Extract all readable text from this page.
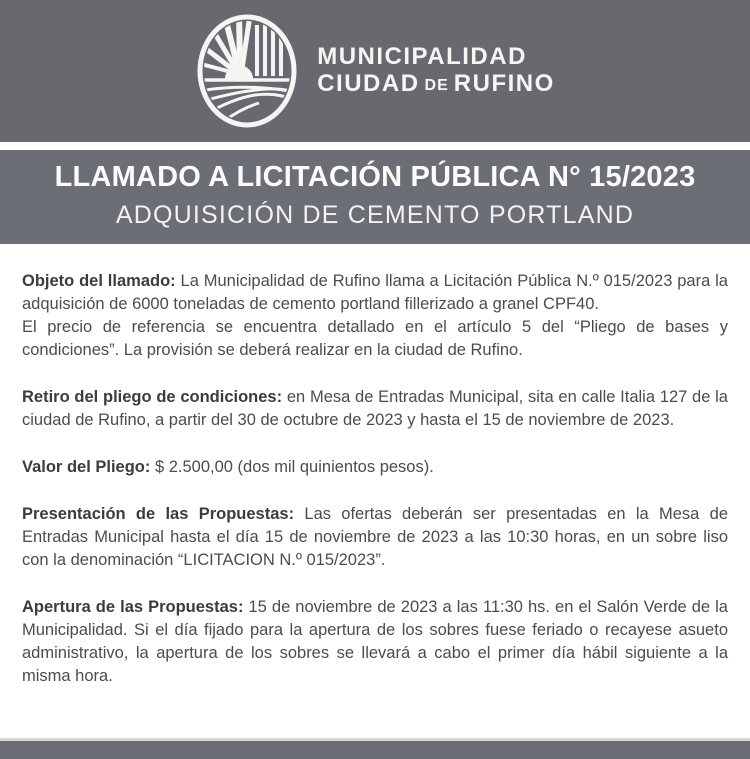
MUNICIPALIDAD
CIUDAD DE RUFINO
LLAMADO A LICITACIÓN PÚBLICA N° 15/2023
ADQUISICIÓN DE CEMENTO PORTLAND

Objeto del llamado: La Municipalidad de Rufino llama a Licitación Pública N.º 015/2023 para la adquisición de 6000 toneladas de cemento portland fillerizado a granel CPF40.
El precio de referencia se encuentra detallado en el artículo 5 del “Pliego de bases y condiciones”. La provisión se deberá realizar en la ciudad de Rufino.

Retiro del pliego de condiciones: en Mesa de Entradas Municipal, sita en calle Italia 127 de la ciudad de Rufino, a partir del 30 de octubre de 2023 y hasta el 15 de noviembre de 2023.

Valor del Pliego: $ 2.500,00 (dos mil quinientos pesos).

Presentación de las Propuestas: Las ofertas deberán ser presentadas en la Mesa de Entradas Municipal hasta el día 15 de noviembre de 2023 a las 10:30 horas, en un sobre liso con la denominación “LICITACION N.º 015/2023”.

Apertura de las Propuestas: 15 de noviembre de 2023 a las 11:30 hs. en el Salón Verde de la Municipalidad. Si el día fijado para la apertura de los sobres fuese feriado o recayese asueto administrativo, la apertura de los sobres se llevará a cabo el primer día hábil siguiente a la misma hora.
